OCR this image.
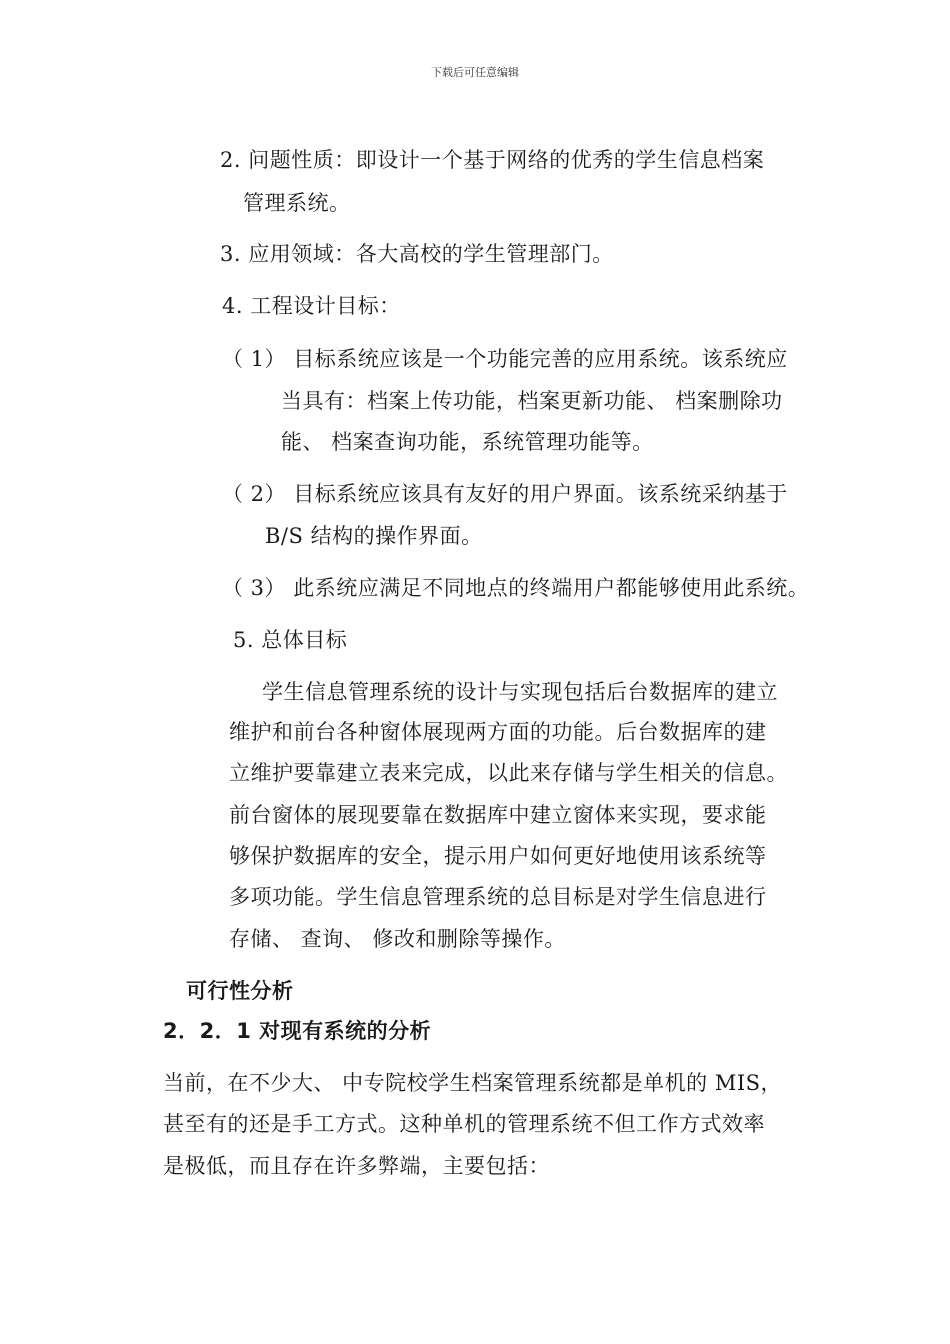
下载后可任意编辑
2. 问题性质：即设计一个基于网络的优秀的学生信息档案
管理系统。
3. 应用领域：各大高校的学生管理部门。
4. 工程设计目标：
（ 1） 目标系统应该是一个功能完善的应用系统。该系统应
当具有：档案上传功能，档案更新功能、 档案删除功
能、 档案查询功能，系统管理功能等。
（ 2） 目标系统应该具有友好的用户界面。该系统采纳基于
B/S 结构的操作界面。
（ 3） 此系统应满足不同地点的终端用户都能够使用此系统。
5. 总体目标
学生信息管理系统的设计与实现包括后台数据库的建立
维护和前台各种窗体展现两方面的功能。后台数据库的建
立维护要靠建立表来完成，以此来存储与学生相关的信息。
前台窗体的展现要靠在数据库中建立窗体来实现，要求能
够保护数据库的安全，提示用户如何更好地使用该系统等
多项功能。学生信息管理系统的总目标是对学生信息进行
存储、 查询、 修改和删除等操作。
可行性分析
2．2．1 对现有系统的分析
当前，在不少大、 中专院校学生档案管理系统都是单机的 MIS，
甚至有的还是手工方式。这种单机的管理系统不但工作方式效率
是极低，而且存在许多弊端，主要包括：
